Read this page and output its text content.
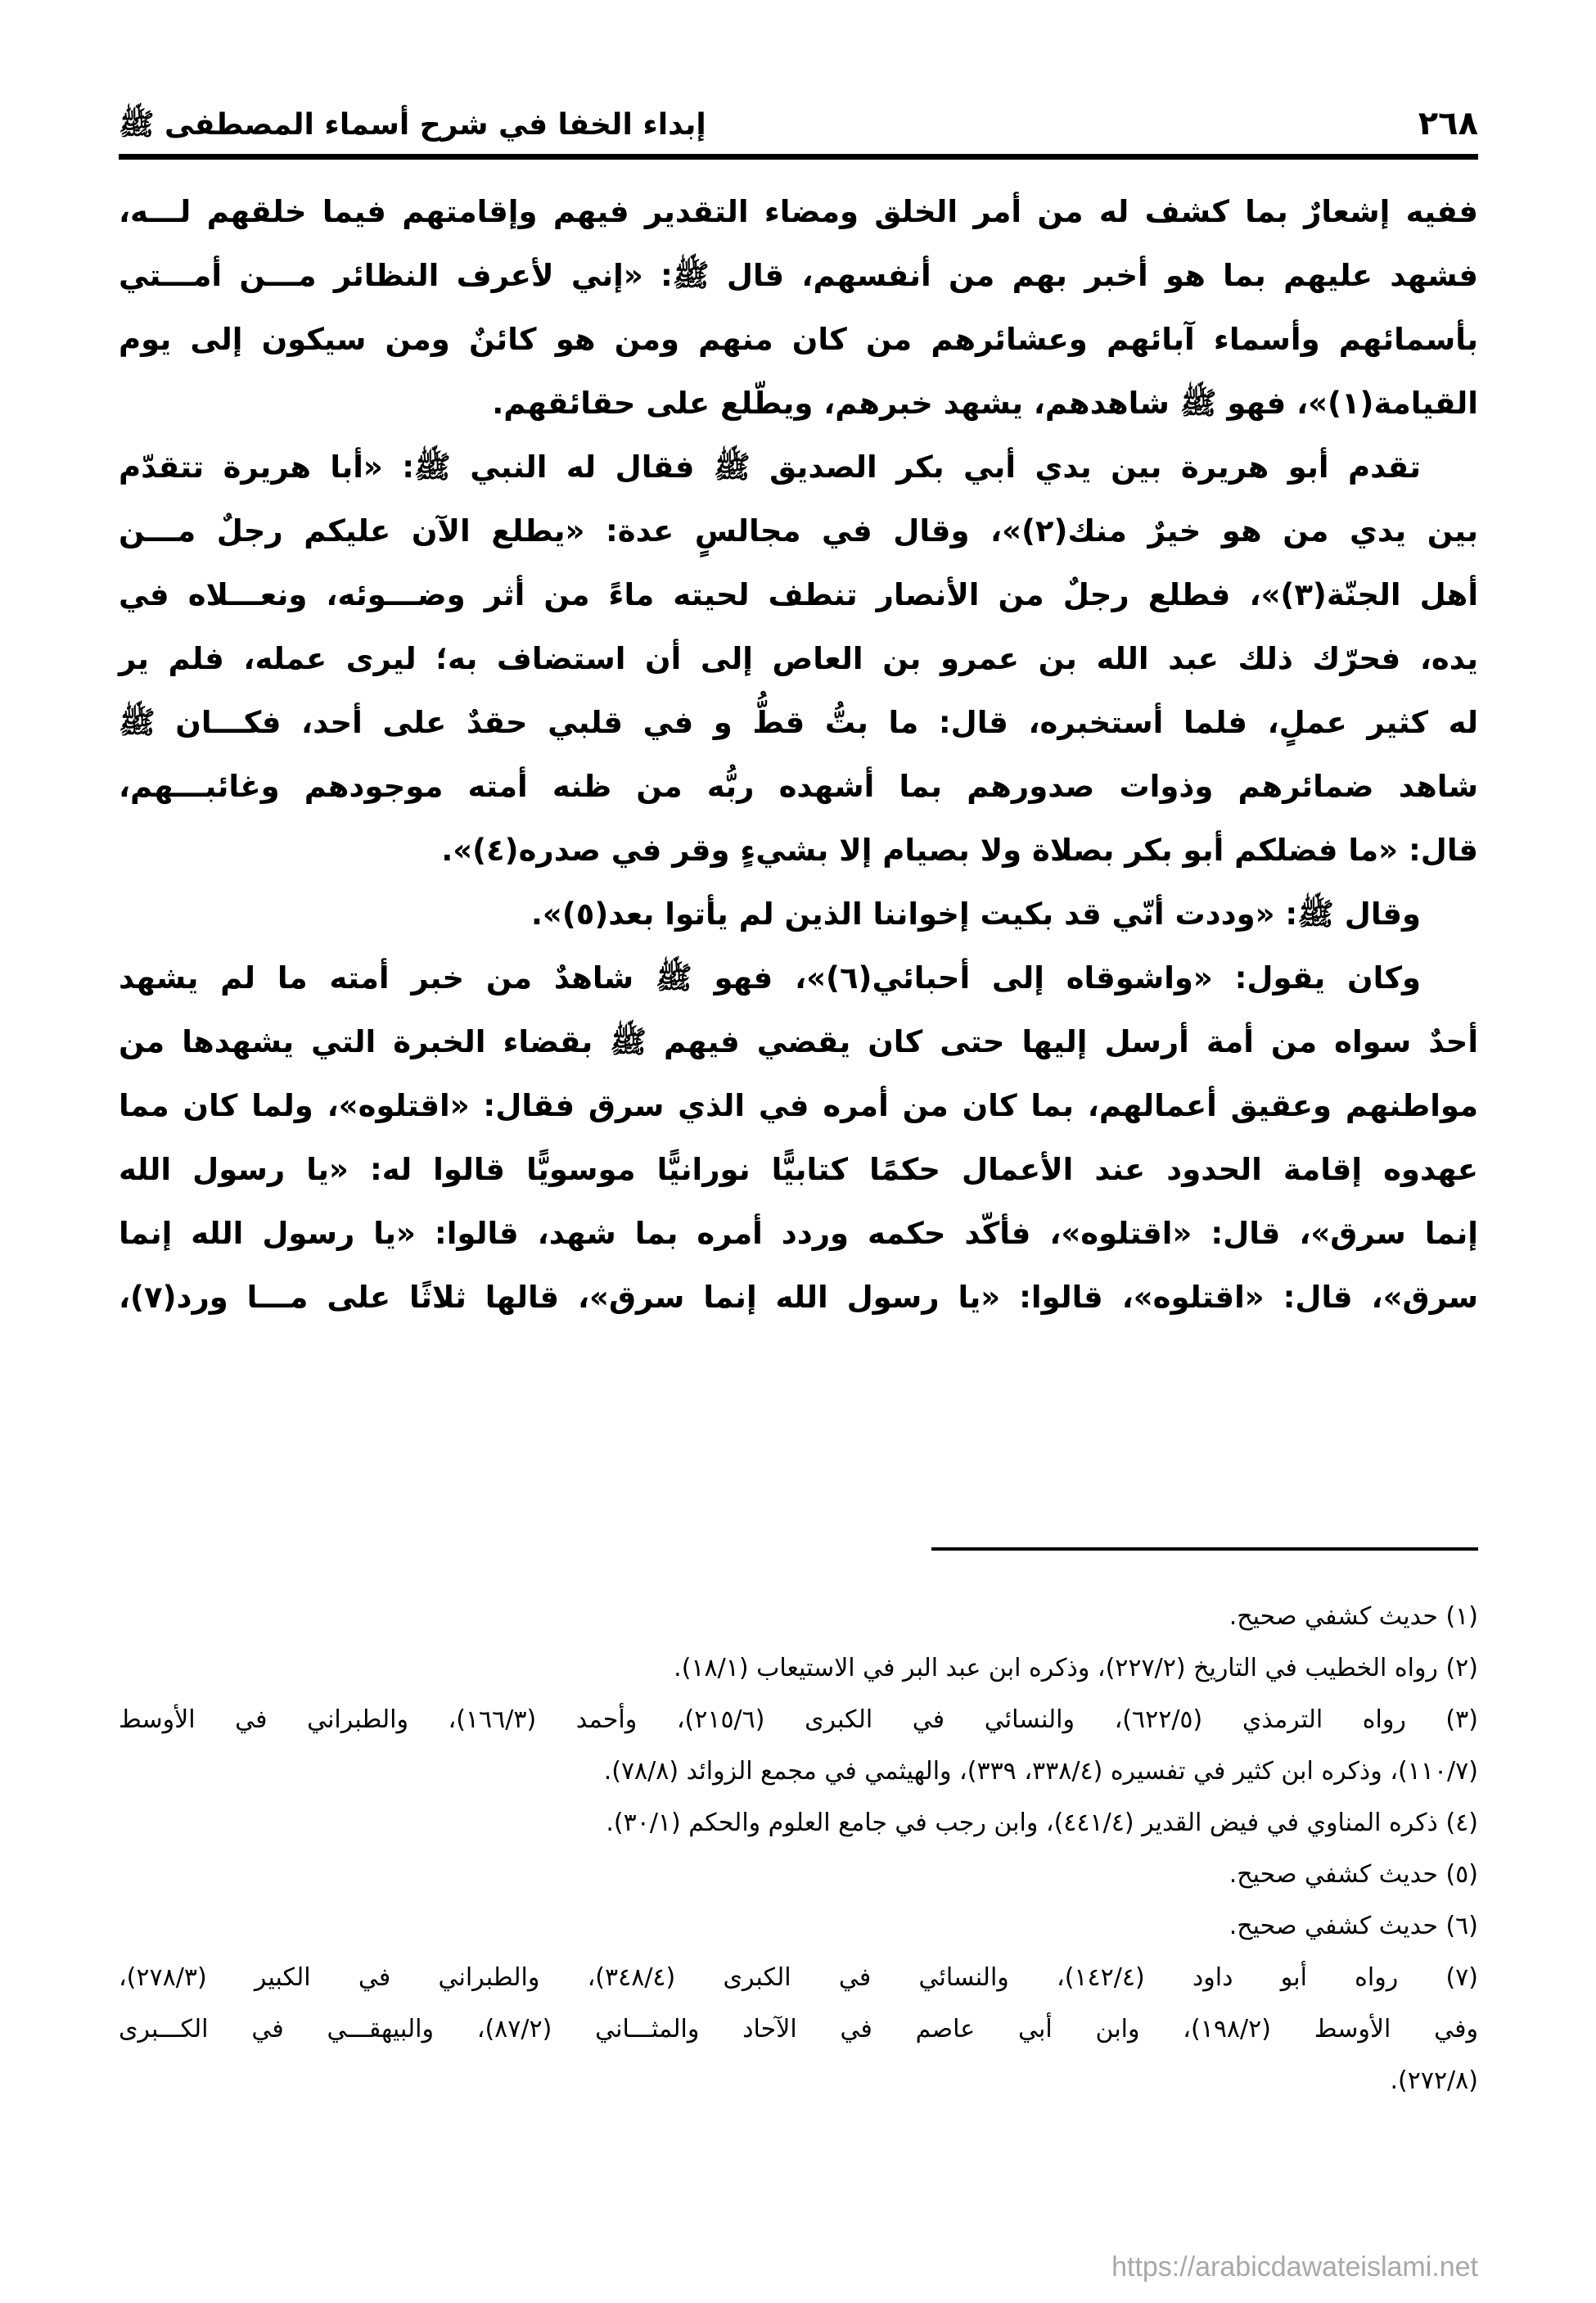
٢٦٨
إبداء الخفا في شرح أسماء المصطفى ﷺ
ففيه إشعارٌ بما كشف له من أمر الخلق ومضاء التقدير فيهم وإقامتهم فيما خلقهم لـــه،
فشهد عليهم بما هو أخبر بهم من أنفسهم، قال ﷺ: «إني لأعرف النظائر مـــن أمـــتي
بأسمائهم وأسماء آبائهم وعشائرهم من كان منهم ومن هو كائنٌ ومن سيكون إلى يوم
القيامة(١)»، فهو ﷺ شاهدهم، يشهد خبرهم، ويطّلع على حقائقهم.
تقدم أبو هريرة بين يدي أبي بكر الصديق ﷺ فقال له النبي ﷺ: «أبا هريرة تتقدّم
بين يدي من هو خيرٌ منك(٢)»، وقال في مجالسٍ عدة: «يطلع الآن عليكم رجلٌ مـــن
أهل الجنّة(٣)»، فطلع رجلٌ من الأنصار تنطف لحيته ماءً من أثر وضـــوئه، ونعـــلاه في
يده، فحرّك ذلك عبد الله بن عمرو بن العاص إلى أن استضاف به؛ ليرى عمله، فلم ير
له كثير عملٍ، فلما أستخبره، قال: ما بتُّ قطُّ و في قلبي حقدٌ على أحد، فكـــان ﷺ
شاهد ضمائرهم وذوات صدورهم بما أشهده ربُّه من ظنه أمته موجودهم وغائبـــهم،
قال: «ما فضلكم أبو بكر بصلاة ولا بصيام إلا بشيءٍ وقر في صدره(٤)».
وقال ﷺ: «وددت أنّي قد بكيت إخواننا الذين لم يأتوا بعد(٥)».
وكان يقول: «واشوقاه إلى أحبائي(٦)»، فهو ﷺ شاهدٌ من خبر أمته ما لم يشهد
أحدٌ سواه من أمة أرسل إليها حتى كان يقضي فيهم ﷺ بقضاء الخبرة التي يشهدها من
مواطنهم وعقيق أعمالهم، بما كان من أمره في الذي سرق فقال: «اقتلوه»، ولما كان مما
عهدوه إقامة الحدود عند الأعمال حكمًا كتابيًّا نورانيًّا موسويًّا قالوا له: «يا رسول الله
إنما سرق»، قال: «اقتلوه»، فأكّد حكمه وردد أمره بما شهد، قالوا: «يا رسول الله إنما
سرق»، قال: «اقتلوه»، قالوا: «يا رسول الله إنما سرق»، قالها ثلاثًا على مـــا ورد(٧)،
(١) حديث كشفي صحيح.
(٢) رواه الخطيب في التاريخ (٢٢٧/٢)، وذكره ابن عبد البر في الاستيعاب (١٨/١).
(٣) رواه الترمذي (٦٢٢/٥)، والنسائي في الكبرى (٢١٥/٦)، وأحمد (١٦٦/٣)، والطبراني في الأوسط
(١١٠/٧)، وذكره ابن كثير في تفسيره (٣٣٨/٤، ٣٣٩)، والهيثمي في مجمع الزوائد (٧٨/٨).
(٤) ذكره المناوي في فيض القدير (٤٤١/٤)، وابن رجب في جامع العلوم والحكم (٣٠/١).
(٥) حديث كشفي صحيح.
(٦) حديث كشفي صحيح.
(٧) رواه أبو داود (١٤٢/٤)، والنسائي في الكبرى (٣٤٨/٤)، والطبراني في الكبير (٢٧٨/٣)،
وفي الأوسط (١٩٨/٢)، وابن أبي عاصم في الآحاد والمثـــاني (٨٧/٢)، والبيهقـــي في الكـــبرى
(٢٧٢/٨).
https://arabicdawateislami.net
